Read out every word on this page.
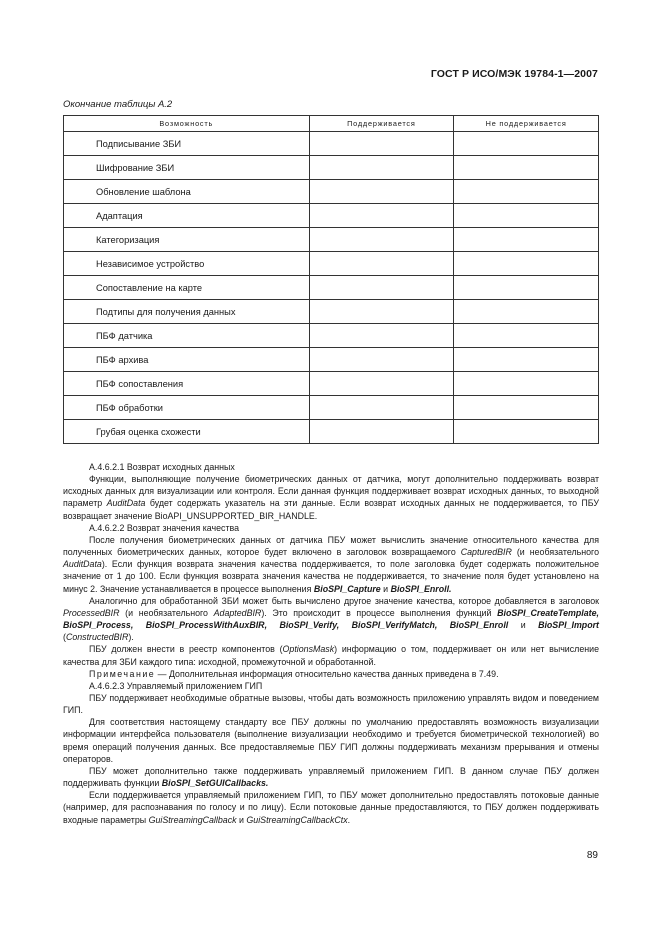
ГОСТ Р ИСО/МЭК 19784-1—2007
Окончание таблицы А.2
Возможность	Поддерживается	Не поддерживается
Подписывание ЗБИ		
Шифрование ЗБИ		
Обновление шаблона		
Адаптация		
Категоризация		
Независимое устройство		
Сопоставление на карте		
Подтипы для получения данных		
ПБФ датчика		
ПБФ архива		
ПБФ сопоставления		
ПБФ обработки		
Грубая оценка схожести		

А.4.6.2.1 Возврат исходных данных

Функции, выполняющие получение биометрических данных от датчика, могут дополнительно поддерживать возврат исходных данных для визуализации или контроля. Если данная функция поддерживает возврат исходных данных, то выходной параметр AuditData будет содержать указатель на эти данные. Если возврат исходных данных не поддерживается, то ПБУ возвращает значение BioAPI_UNSUPPORTED_BIR_HANDLE.

А.4.6.2.2 Возврат значения качества

После получения биометрических данных от датчика ПБУ может вычислить значение относительного качества для полученных биометрических данных, которое будет включено в заголовок возвращаемого CapturedBIR (и необязательного AuditData). Если функция возврата значения качества поддерживается, то поле заголовка будет содержать положительное значение от 1 до 100. Если функция возврата значения качества не поддерживается, то значение поля будет установлено на минус 2. Значение устанавливается в процессе выполнения BioSPI_Capture и BioSPI_Enroll.

Аналогично для обработанной ЗБИ может быть вычислено другое значение качества, которое добавляется в заголовок ProcessedBIR (и необязательного AdaptedBIR). Это происходит в процессе выполнения функций BioSPI_CreateTemplate, BioSPI_Process, BioSPI_ProcessWithAuxBIR, BioSPI_Verify, BioSPI_VerifyMatch, BioSPI_Enroll и BioSPI_Import (ConstructedBIR).

ПБУ должен внести в реестр компонентов (OptionsMask) информацию о том, поддерживает он или нет вычисление качества для ЗБИ каждого типа: исходной, промежуточной и обработанной.

Примечание — Дополнительная информация относительно качества данных приведена в 7.49.

А.4.6.2.3 Управляемый приложением ГИП

ПБУ поддерживает необходимые обратные вызовы, чтобы дать возможность приложению управлять видом и поведением ГИП.

Для соответствия настоящему стандарту все ПБУ должны по умолчанию предоставлять возможность визуализации информации интерфейса пользователя (выполнение визуализации необходимо и требуется биометрической технологией) во время операций получения данных. Все предоставляемые ПБУ ГИП должны поддерживать механизм прерывания и отмены операторов.

ПБУ может дополнительно также поддерживать управляемый приложением ГИП. В данном случае ПБУ должен поддерживать функции BioSPI_SetGUICallbacks.

Если поддерживается управляемый приложением ГИП, то ПБУ может дополнительно предоставлять потоковые данные (например, для распознавания по голосу и по лицу). Если потоковые данные предоставляются, то ПБУ должен поддерживать входные параметры GuiStreamingCallback и GuiStreamingCallbackCtx.

89
